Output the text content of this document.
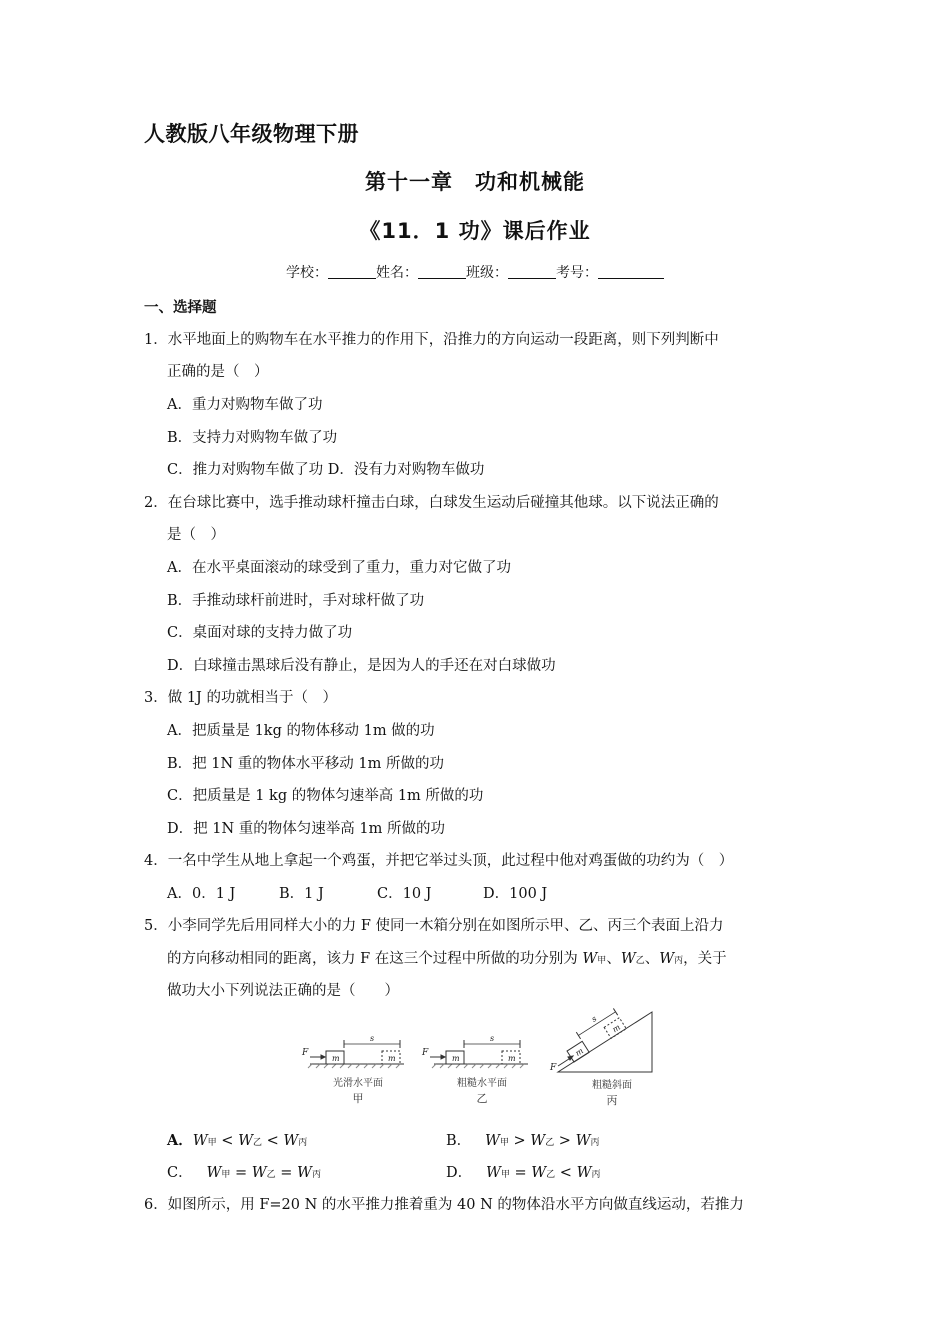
人教版八年级物理下册
第十一章　功和机械能
《11．1 功》课后作业
学校：	姓名：	班级：	考号：
一、选择题
1．水平地面上的购物车在水平推力的作用下，沿推力的方向运动一段距离，则下列判断中
正确的是（　）
A．重力对购物车做了功
B．支持力对购物车做了功
C．推力对购物车做了功 D．没有力对购物车做功
2．在台球比赛中，选手推动球杆撞击白球，白球发生运动后碰撞其他球。以下说法正确的
是（　）
A．在水平桌面滚动的球受到了重力，重力对它做了功
B．手推动球杆前进时，手对球杆做了功
C．桌面对球的支持力做了功
D．白球撞击黑球后没有静止，是因为人的手还在对白球做功
3．做 1J 的功就相当于（　）
A．把质量是 1kg 的物体移动 1m 做的功
B．把 1N 重的物体水平移动 1m 所做的功
C．把质量是 1 kg 的物体匀速举高 1m 所做的功
D．把 1N 重的物体匀速举高 1m 所做的功
4．一名中学生从地上拿起一个鸡蛋，并把它举过头顶，此过程中他对鸡蛋做的功约为（　）
A．0．1 J	B．1 J	C．10 J	D．100 J
5．小李同学先后用同样大小的力 F 使同一木箱分别在如图所示甲、乙、丙三个表面上沿力
的方向移动相同的距离，该力 F 在这三个过程中所做的功分别为 W甲、W乙、W丙，关于
做功大小下列说法正确的是（　　）
F
m	m
s
光滑水平面
甲
F
m	m
s
粗糙水平面
乙
m
m
s
F
粗糙斜面
丙
A．W甲 < W乙 < W丙	B． W甲 > W乙 > W丙
C． W甲 = W乙 = W丙	D． W甲 = W乙 < W丙
6．如图所示，用 F=20 N 的水平推力推着重为 40 N 的物体沿水平方向做直线运动，若推力
